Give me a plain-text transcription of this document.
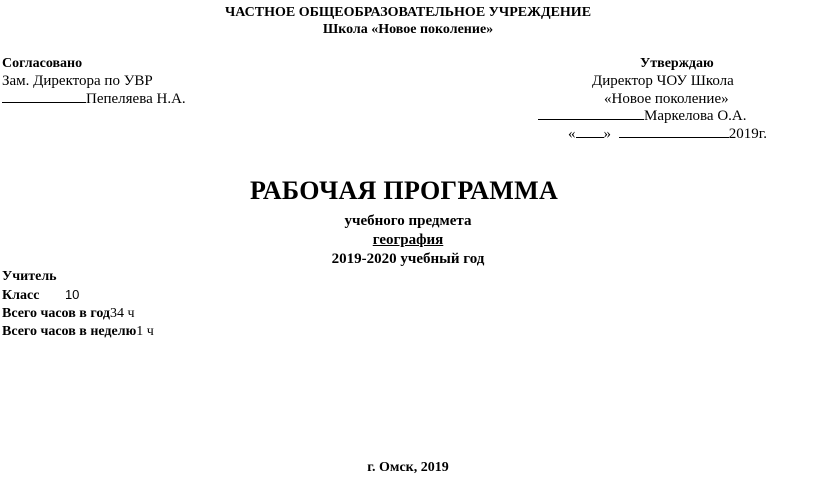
ЧАСТНОЕ ОБЩЕОБРАЗОВАТЕЛЬНОЕ УЧРЕЖДЕНИЕ
Школа «Новое поколение»
Согласовано
Зам. Директора по УВР
Пепеляева Н.А.
Утверждаю
Директор ЧОУ Школа
«Новое поколение»
Маркелова О.А.
« »	2019г.
РАБОЧАЯ ПРОГРАММА
учебного предмета
география
2019-2020 учебный год
Учитель
Класс 10
Всего часов в год34 ч
Всего часов в неделю1 ч
г. Омск, 2019
